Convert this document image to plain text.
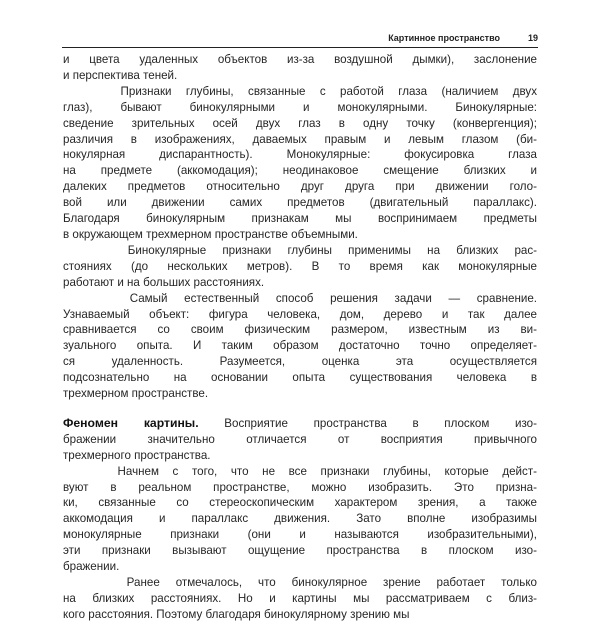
Картинное пространство	19
и цвета удаленных объектов из-за воздушной дымки), заслонение
и перспектива теней.
Признаки глубины, связанные с работой глаза (наличием двух
глаз), бывают бинокулярными и монокулярными. Бинокулярные:
сведение зрительных осей двух глаз в одну точку (конвергенция);
различия в изображениях, даваемых правым и левым глазом (би-
нокулярная диспарантность). Монокулярные: фокусировка глаза
на предмете (аккомодация); неодинаковое смещение близких и
далеких предметов относительно друг друга при движении голо-
вой или движении самих предметов (двигательный параллакс).
Благодаря бинокулярным признакам мы воспринимаем предметы
в окружающем трехмерном пространстве объемными.
Бинокулярные признаки глубины применимы на близких рас-
стояниях (до нескольких метров). В то время как монокулярные
работают и на больших расстояниях.
Самый естественный способ решения задачи — сравнение.
Узнаваемый объект: фигура человека, дом, дерево и так далее
сравнивается со своим физическим размером, известным из ви-
зуального опыта. И таким образом достаточно точно определяет-
ся удаленность. Разумеется, оценка эта осуществляется
подсознательно на основании опыта существования человека в
трехмерном пространстве.
Феномен картины. Восприятие пространства в плоском изо-
бражении значительно отличается от восприятия привычного
трехмерного пространства.
Начнем с того, что не все признаки глубины, которые дейст-
вуют в реальном пространстве, можно изобразить. Это призна-
ки, связанные со стереоскопическим характером зрения, а также
аккомодация и параллакс движения. Зато вполне изобразимы
монокулярные признаки (они и называются изобразительными),
эти признаки вызывают ощущение пространства в плоском изо-
бражении.
Ранее отмечалось, что бинокулярное зрение работает только
на близких расстояниях. Но и картины мы рассматриваем с близ-
кого расстояния. Поэтому благодаря бинокулярному зрению мы
